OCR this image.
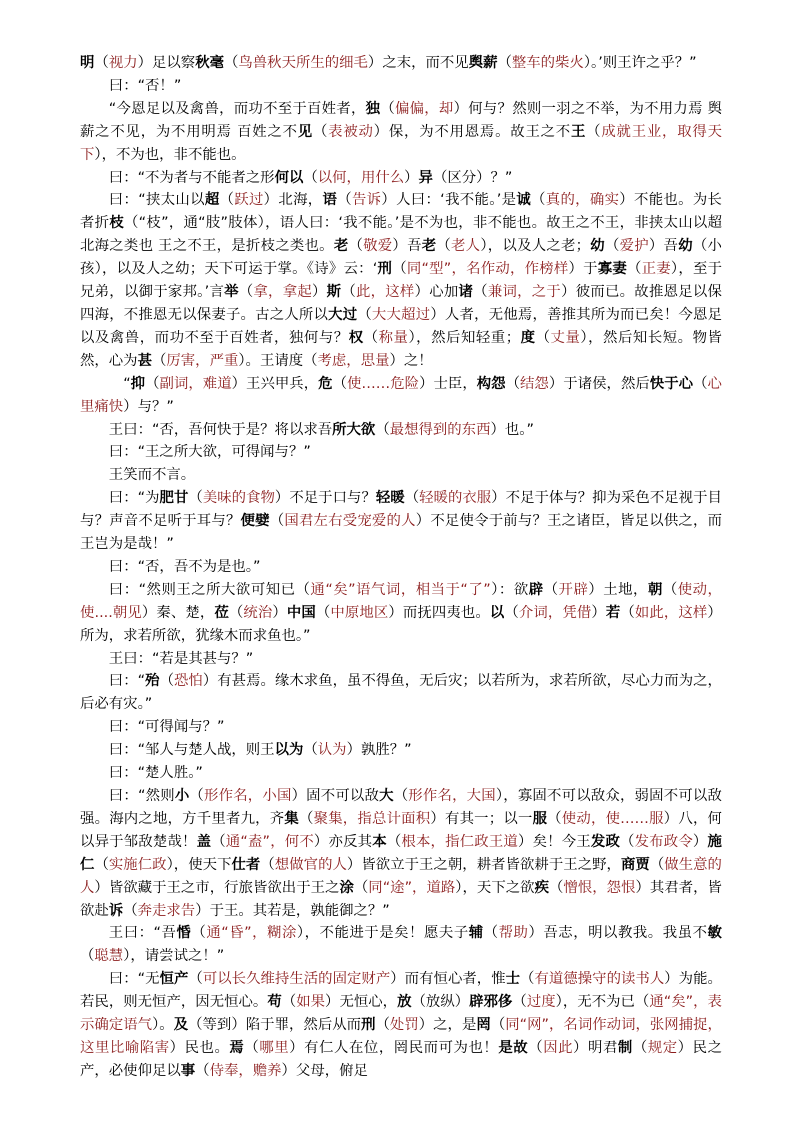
明（视力）足以察秋毫（鸟兽秋天所生的细毛）之末，而不见舆薪（整车的柴火）。’则王许之乎？”

曰：“否！”

“今恩足以及禽兽，而功不至于百姓者，独（偏偏，却）何与？然则一羽之不举，为不用力焉 舆薪之不见，为不用明焉 百姓之不见（表被动）保，为不用恩焉。故王之不王（成就王业，取得天下），不为也，非不能也。

曰：“不为者与不能者之形何以（以何，用什么）异（区分）？”

曰：“挟太山以超（跃过）北海，语（告诉）人曰：‘我不能。’是诚（真的，确实）不能也。为长者折枝（“枝”，通“肢”肢体），语人曰：‘我不能。’是不为也，非不能也。故王之不王，非挟太山以超北海之类也 王之不王，是折枝之类也。老（敬爱）吾老（老人），以及人之老；幼（爱护）吾幼（小孩），以及人之幼；天下可运于掌。《诗》云：‘刑（同“型”，名作动，作榜样）于寡妻（正妻），至于兄弟，以御于家邦。’言举（拿，拿起）斯（此，这样）心加诸（兼词，之于）彼而已。故推恩足以保四海，不推恩无以保妻子。古之人所以大过（大大超过）人者，无他焉，善推其所为而已矣！今恩足以及禽兽，而功不至于百姓者，独何与？权（称量），然后知轻重；度（丈量），然后知长短。物皆然，心为甚（厉害，严重）。王请度（考虑，思量）之！

“抑（副词，难道）王兴甲兵，危（使……危险）士臣，构怨（结怨）于诸侯，然后快于心（心里痛快）与？”

王曰：“否，吾何快于是？将以求吾所大欲（最想得到的东西）也。”

曰：“王之所大欲，可得闻与？”

王笑而不言。

曰：“为肥甘（美味的食物）不足于口与？轻暖（轻暖的衣服）不足于体与？抑为采色不足视于目与？声音不足听于耳与？便嬖（国君左右受宠爱的人）不足使令于前与？王之诸臣，皆足以供之，而王岂为是哉！”

曰：“否，吾不为是也。”

曰：“然则王之所大欲可知已（通“矣”语气词，相当于“了”）：欲辟（开辟）土地，朝（使动，使....朝见）秦、楚，莅（统治）中国（中原地区）而抚四夷也。以（介词，凭借）若（如此，这样）所为，求若所欲，犹缘木而求鱼也。”

王曰：“若是其甚与？”

曰：“殆（恐怕）有甚焉。缘木求鱼，虽不得鱼，无后灾；以若所为，求若所欲，尽心力而为之，后必有灾。”

曰：“可得闻与？”

曰：“邹人与楚人战，则王以为（认为）孰胜？”

曰：“楚人胜。”

曰：“然则小（形作名，小国）固不可以敌大（形作名，大国），寡固不可以敌众，弱固不可以敌强。海内之地，方千里者九，齐集（聚集，指总计面积）有其一；以一服（使动，使……服）八，何以异于邹敌楚哉！盖（通“盍”，何不）亦反其本（根本，指仁政王道）矣！今王发政（发布政令）施仁（实施仁政），使天下仕者（想做官的人）皆欲立于王之朝，耕者皆欲耕于王之野，商贾（做生意的人）皆欲藏于王之市，行旅皆欲出于王之涂（同“途”，道路），天下之欲疾（憎恨，怨恨）其君者，皆欲赴诉（奔走求告）于王。其若是，孰能御之？”

王曰：“吾惛（通“昏”，糊涂），不能进于是矣！愿夫子辅（帮助）吾志，明以教我。我虽不敏（聪慧），请尝试之！”

曰：“无恒产（可以长久维持生活的固定财产）而有恒心者，惟士（有道德操守的读书人）为能。若民，则无恒产，因无恒心。苟（如果）无恒心，放（放纵）辟邪侈（过度），无不为已（通“矣”，表示确定语气）。及（等到）陷于罪，然后从而刑（处罚）之，是罔（同“网”，名词作动词，张网捕捉，这里比喻陷害）民也。焉（哪里）有仁人在位，罔民而可为也！是故（因此）明君制（规定）民之产，必使仰足以事（侍奉，赡养）父母，俯足
